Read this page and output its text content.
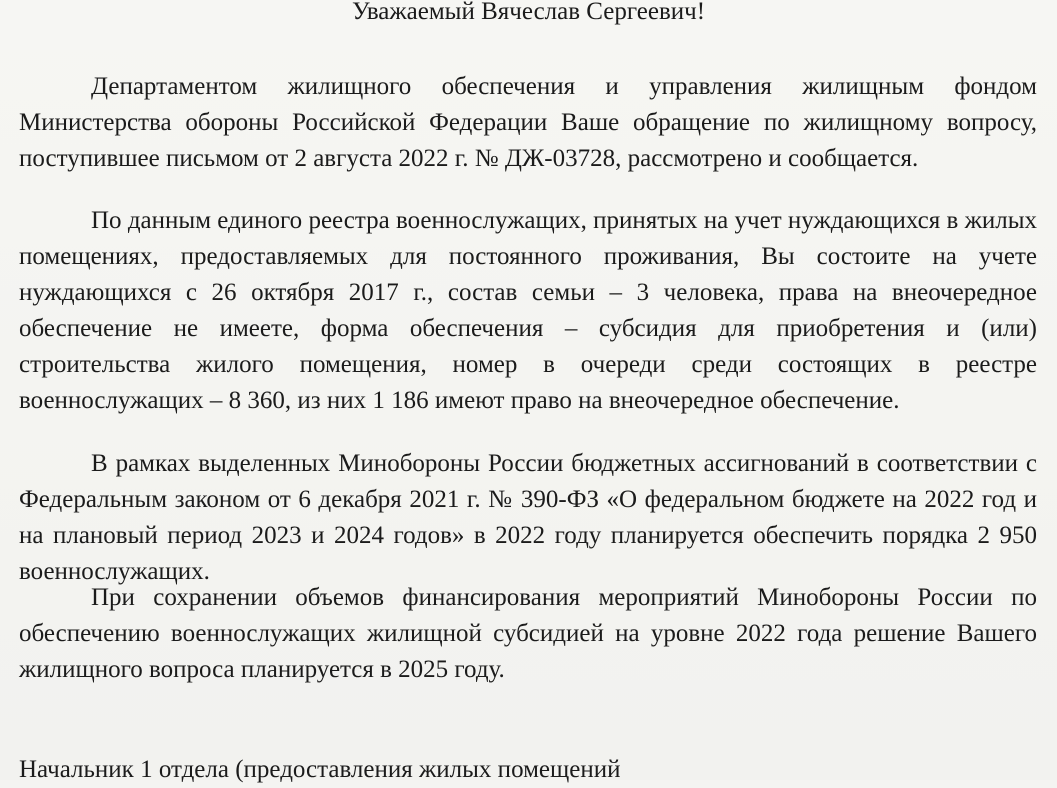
Уважаемый Вячеслав Сергеевич!

Департаментом жилищного обеспечения и управления жилищным фондом Министерства обороны Российской Федерации Ваше обращение по жилищному вопросу, поступившее письмом от 2 августа 2022 г. № ДЖ-03728, рассмотрено и сообщается.

По данным единого реестра военнослужащих, принятых на учет нуждающихся в жилых помещениях, предоставляемых для постоянного проживания, Вы состоите на учете нуждающихся с 26 октября 2017 г., состав семьи – 3 человека, права на внеочередное обеспечение не имеете, форма обеспечения – субсидия для приобретения и (или) строительства жилого помещения, номер в очереди среди состоящих в реестре военнослужащих – 8 360, из них 1 186 имеют право на внеочередное обеспечение.

В рамках выделенных Минобороны России бюджетных ассигнований в соответствии с Федеральным законом от 6 декабря 2021 г. № 390-ФЗ «О федеральном бюджете на 2022 год и на плановый период 2023 и 2024 годов» в 2022 году планируется обеспечить порядка 2 950 военнослужащих.

При сохранении объемов финансирования мероприятий Минобороны России по обеспечению военнослужащих жилищной субсидией на уровне 2022 года решение Вашего жилищного вопроса планируется в 2025 году.

Начальник 1 отдела (предоставления жилых помещений
